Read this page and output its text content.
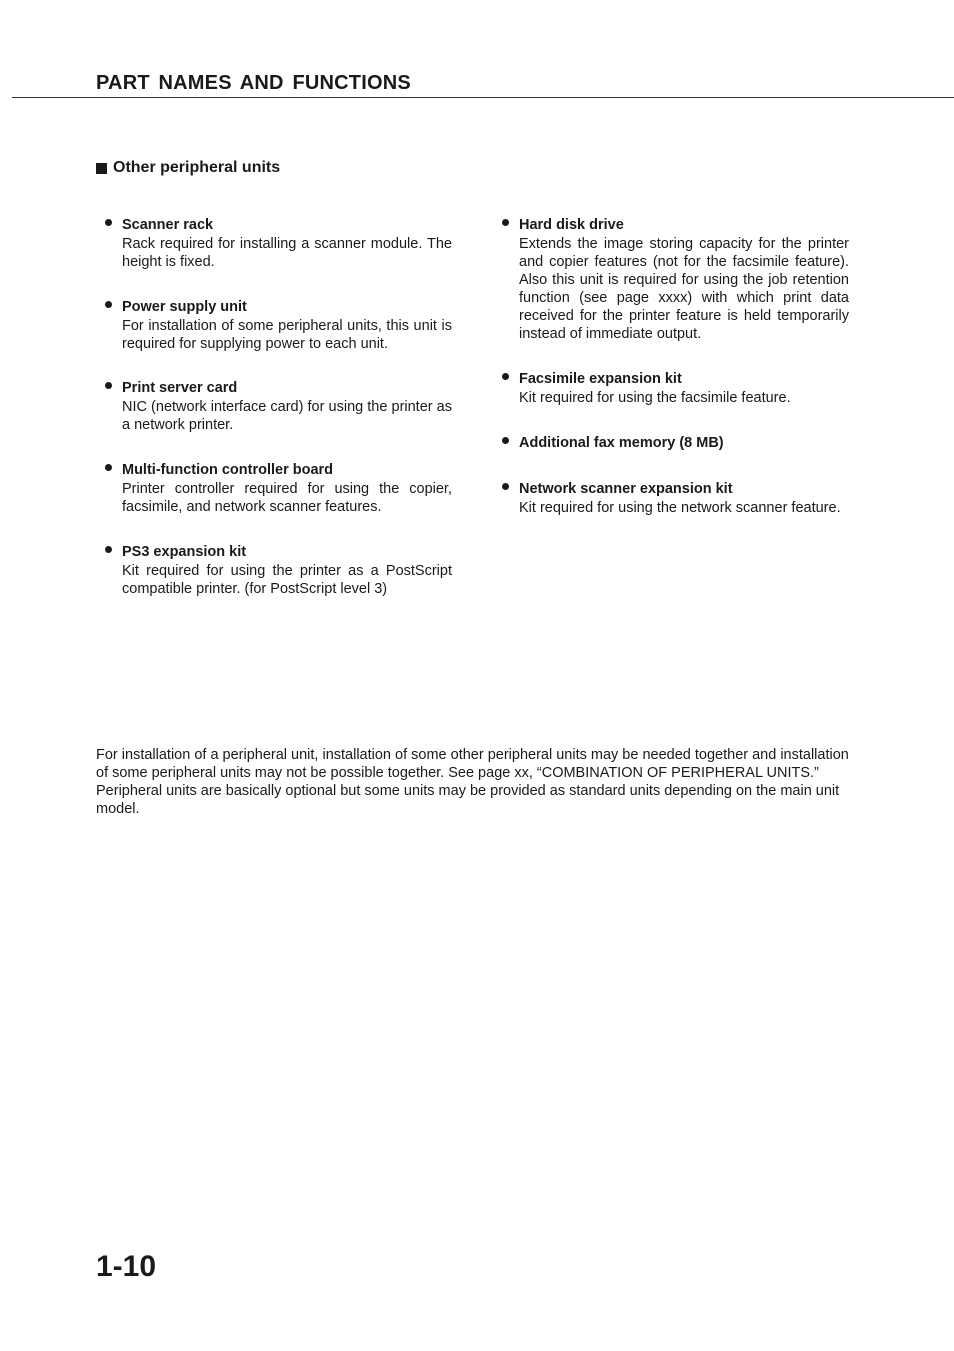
PART NAMES AND FUNCTIONS
Other peripheral units
Scanner rack
Rack required for installing a scanner module. The height is fixed.
Power supply unit
For installation of some peripheral units, this unit is required for supplying power to each unit.
Print server card
NIC (network interface card) for using the printer as a network printer.
Multi-function controller board
Printer controller required for using the copier, facsimile, and network scanner features.
PS3 expansion kit
Kit required for using the printer as a PostScript compatible printer. (for PostScript level 3)
Hard disk drive
Extends the image storing capacity for the printer and copier features (not for the facsimile feature). Also this unit is required for using the job retention function (see page xxxx) with which print data received for the printer feature is held temporarily instead of immediate output.
Facsimile expansion kit
Kit required for using the facsimile feature.
Additional fax memory (8 MB)
Network scanner expansion kit
Kit required for using the network scanner feature.
For installation of a peripheral unit, installation of some other peripheral units may be needed together and installation of some peripheral units may not be possible together. See page xx, “COMBINATION OF PERIPHERAL UNITS.” Peripheral units are basically optional but some units may be provided as standard units depending on the main unit model.
1-10
